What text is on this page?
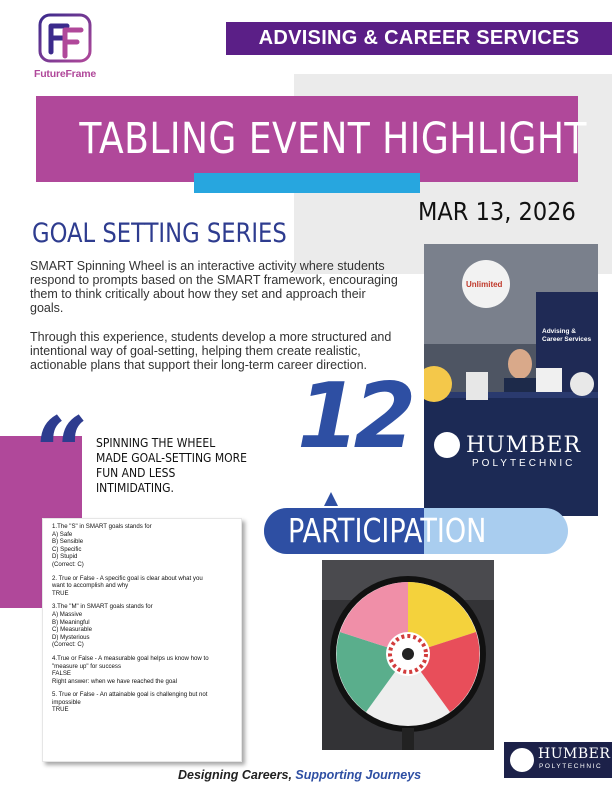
FutureFrame
ADVISING & CAREER SERVICES
TABLING EVENT HIGHLIGHT
MAR 13, 2026
GOAL SETTING SERIES
SMART Spinning Wheel is an interactive activity where students respond to prompts based on the SMART framework, encouraging them to think critically about how they set and approach their goals.
Through this experience, students develop a more structured and intentional way of goal-setting, helping them create realistic, actionable plans that support their long-term career direction.
Unlimited
Advising & Career Services
HUMBER
POLYTECHNIC
“ SPINNING THE WHEEL MADE GOAL-SETTING MORE FUN AND LESS INTIMIDATING.
12
PARTICIPATION
1.The "S" in SMART goals stands for
A) Safe
B) Sensible
C) Specific
D) Stupid
(Correct: C)
2. True or False - A specific goal is clear about what you
want to accomplish and why
TRUE
3.The "M" in SMART goals stands for
A) Massive
B) Meaningful
C) Measurable
D) Mysterious
(Correct: C)
4.True or False - A measurable goal helps us know how to
"measure up" for success
FALSE
Right answer: when we have reached the goal
5. True or False - An attainable goal is challenging but not
impossible
TRUE
Designing Careers, Supporting Journeys
HUMBER
POLYTECHNIC
